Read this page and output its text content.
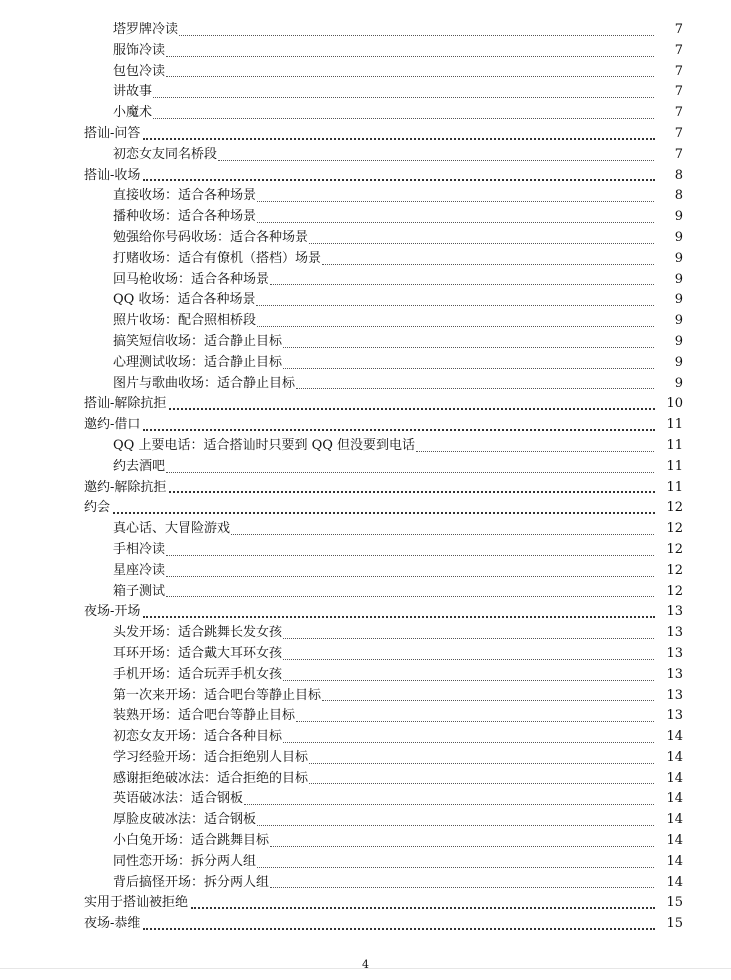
塔罗牌冷读	7
服饰冷读	7
包包冷读	7
讲故事	7
小魔术	7
搭讪-问答	7
初恋女友同名桥段	7
搭讪-收场	8
直接收场：适合各种场景	8
播种收场：适合各种场景	9
勉强给你号码收场：适合各种场景	9
打赌收场：适合有僚机（搭档）场景	9
回马枪收场：适合各种场景	9
QQ 收场：适合各种场景	9
照片收场：配合照相桥段	9
搞笑短信收场：适合静止目标	9
心理测试收场：适合静止目标	9
图片与歌曲收场：适合静止目标	9
搭讪-解除抗拒	10
邀约-借口	11
QQ 上要电话：适合搭讪时只要到 QQ 但没要到电话	11
约去酒吧	11
邀约-解除抗拒	11
约会	12
真心话、大冒险游戏	12
手相冷读	12
星座冷读	12
箱子测试	12
夜场-开场	13
头发开场：适合跳舞长发女孩	13
耳环开场：适合戴大耳环女孩	13
手机开场：适合玩弄手机女孩	13
第一次来开场：适合吧台等静止目标	13
装熟开场：适合吧台等静止目标	13
初恋女友开场：适合各种目标	14
学习经验开场：适合拒绝别人目标	14
感谢拒绝破冰法：适合拒绝的目标	14
英语破冰法：适合钢板	14
厚脸皮破冰法：适合钢板	14
小白兔开场：适合跳舞目标	14
同性恋开场：拆分两人组	14
背后搞怪开场：拆分两人组	14
实用于搭讪被拒绝	15
夜场-恭维	15
4
